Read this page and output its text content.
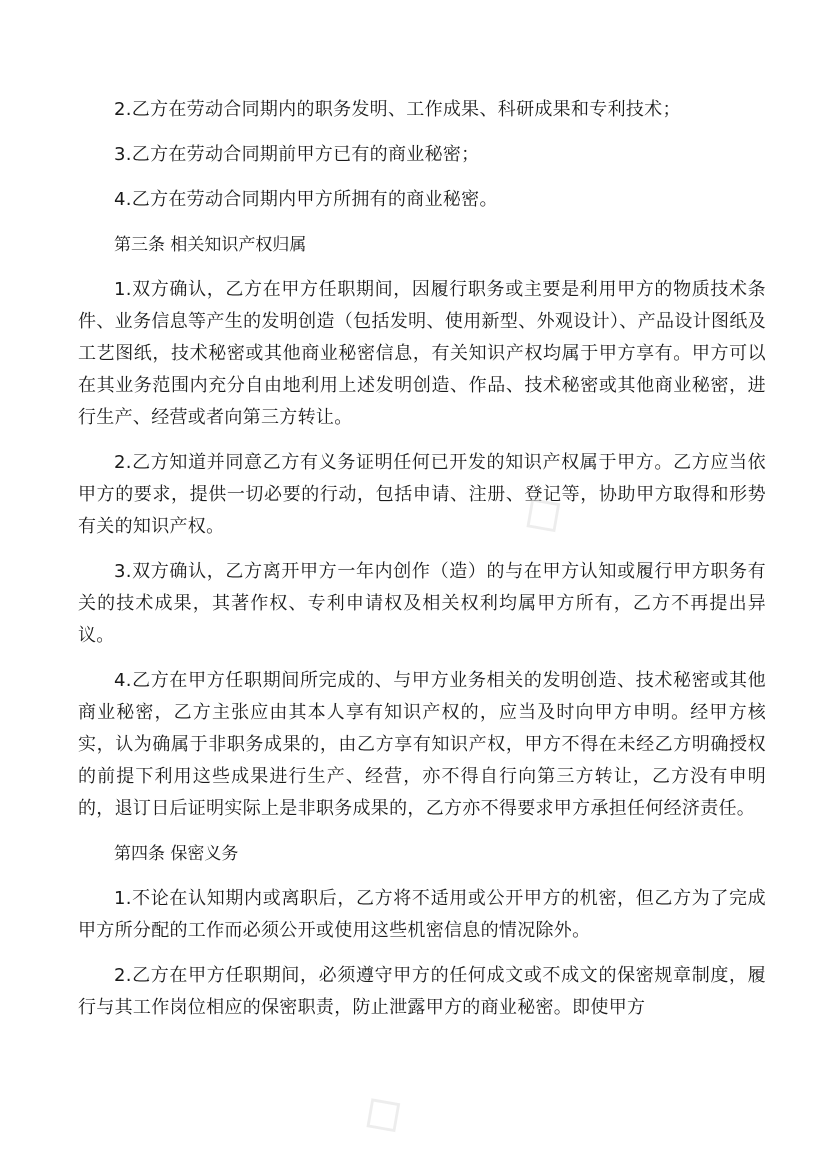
2.乙方在劳动合同期内的职务发明、工作成果、科研成果和专利技术；

3.乙方在劳动合同期前甲方已有的商业秘密；

4.乙方在劳动合同期内甲方所拥有的商业秘密。

第三条 相关知识产权归属

1.双方确认，乙方在甲方任职期间，因履行职务或主要是利用甲方的物质技术条件、业务信息等产生的发明创造（包括发明、使用新型、外观设计）、产品设计图纸及工艺图纸，技术秘密或其他商业秘密信息，有关知识产权均属于甲方享有。甲方可以在其业务范围内充分自由地利用上述发明创造、作品、技术秘密或其他商业秘密，进行生产、经营或者向第三方转让。

2.乙方知道并同意乙方有义务证明任何已开发的知识产权属于甲方。乙方应当依甲方的要求，提供一切必要的行动，包括申请、注册、登记等，协助甲方取得和形势有关的知识产权。

3.双方确认，乙方离开甲方一年内创作（造）的与在甲方认知或履行甲方职务有关的技术成果，其著作权、专利申请权及相关权利均属甲方所有，乙方不再提出异议。

4.乙方在甲方任职期间所完成的、与甲方业务相关的发明创造、技术秘密或其他商业秘密，乙方主张应由其本人享有知识产权的，应当及时向甲方申明。经甲方核实，认为确属于非职务成果的，由乙方享有知识产权，甲方不得在未经乙方明确授权的前提下利用这些成果进行生产、经营，亦不得自行向第三方转让，乙方没有申明的，退订日后证明实际上是非职务成果的，乙方亦不得要求甲方承担任何经济责任。

第四条 保密义务

1.不论在认知期内或离职后，乙方将不适用或公开甲方的机密，但乙方为了完成甲方所分配的工作而必须公开或使用这些机密信息的情况除外。

2.乙方在甲方任职期间，必须遵守甲方的任何成文或不成文的保密规章制度，履行与其工作岗位相应的保密职责，防止泄露甲方的商业秘密。即使甲方

◇
◇
